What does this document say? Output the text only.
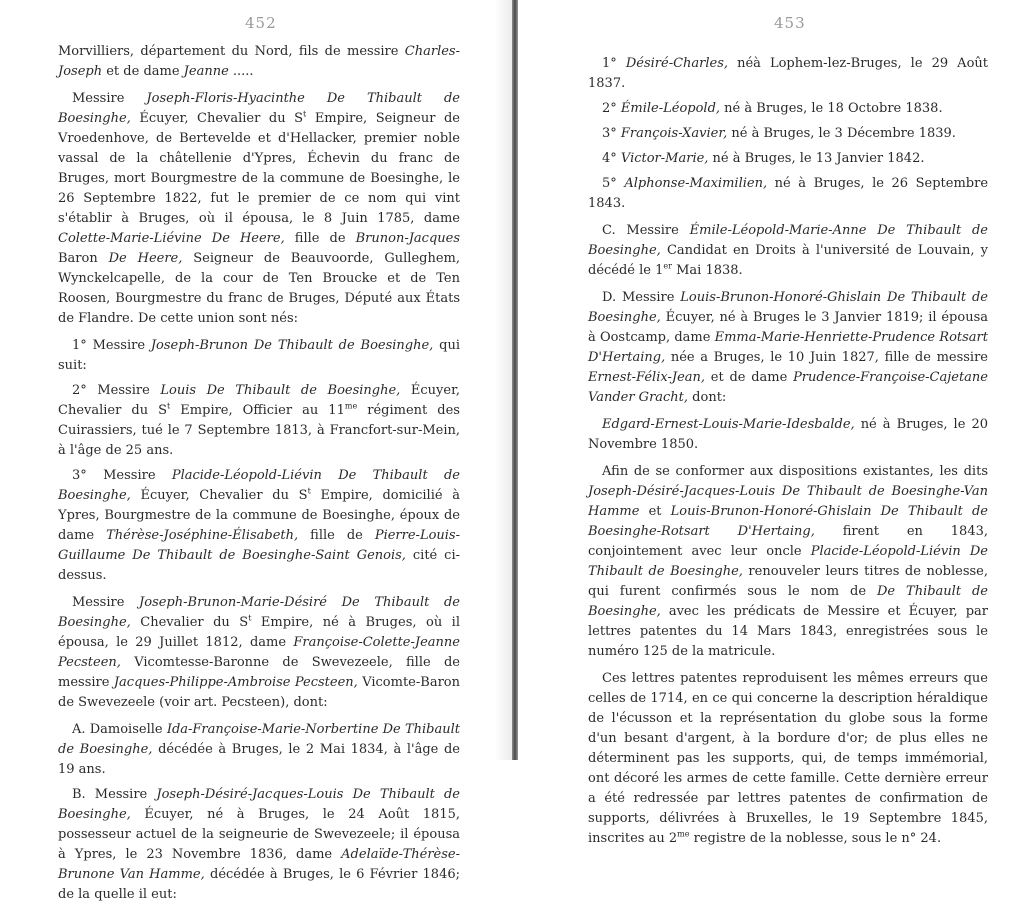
452

Morvilliers, département du Nord, fils de messire Charles-Joseph et de dame Jeanne .....

Messire Joseph-Floris-Hyacinthe De Thibault de Boesinghe, Écuyer, Chevalier du $S^t$ Empire, Seigneur de Vroedenhove, de Bertevelde et d'Hellacker, premier noble vassal de la châtellenie d'Ypres, Échevin du franc de Bruges, mort Bourgmestre de la commune de Boesinghe, le 26 Septembre 1822, fut le premier de ce nom qui vint s'établir à Bruges, où il épousa, le 8 Juin 1785, dame Colette-Marie-Liévine De Heere, fille de Brunon-Jacques Baron De Heere, Seigneur de Beauvoorde, Gulleghem, Wynckelcapelle, de la cour de Ten Broucke et de Ten Roosen, Bourgmestre du franc de Bruges, Député aux États de Flandre. De cette union sont nés:

1° Messire Joseph-Brunon De Thibault de Boesinghe, qui suit:

2° Messire Louis De Thibault de Boesinghe, Écuyer, Chevalier du $S^t$ Empire, Officier au $11^{me}$ régiment des Cuirassiers, tué le 7 Septembre 1813, à Francfort-sur-Mein, à l'âge de 25 ans.

3° Messire Placide-Léopold-Liévin De Thibault de Boesinghe, Écuyer, Chevalier du $S^t$ Empire, domicilié à Ypres, Bourgmestre de la commune de Boesinghe, époux de dame Thérèse-Joséphine-Élisabeth, fille de Pierre-Louis-Guillaume De Thibault de Boesinghe-Saint Genois, cité ci-dessus.

Messire Joseph-Brunon-Marie-Désiré De Thibault de Boesinghe, Chevalier du $S^t$ Empire, né à Bruges, où il épousa, le 29 Juillet 1812, dame Françoise-Colette-Jeanne Pecsteen, Vicomtesse-Baronne de Swevezeele, fille de messire Jacques-Philippe-Ambroise Pecsteen, Vicomte-Baron de Swevezeele (voir art. Pecsteen), dont:

A. Damoiselle Ida-Françoise-Marie-Norbertine De Thibault de Boesinghe, décédée à Bruges, le 2 Mai 1834, à l'âge de 19 ans.

B. Messire Joseph-Désiré-Jacques-Louis De Thibault de Boesinghe, Écuyer, né à Bruges, le 24 Août 1815, possesseur actuel de la seigneurie de Swevezeele; il épousa à Ypres, le 23 Novembre 1836, dame Adelaïde-Thérèse-Brunone Van Hamme, décédée à Bruges, le 6 Février 1846; de la quelle il eut:

453

1° Désiré-Charles, néà Lophem-lez-Bruges, le 29 Août 1837.

2° Émile-Léopold, né à Bruges, le 18 Octobre 1838.

3° François-Xavier, né à Bruges, le 3 Décembre 1839.

4° Victor-Marie, né à Bruges, le 13 Janvier 1842.

5° Alphonse-Maximilien, né à Bruges, le 26 Septembre 1843.

C. Messire Émile-Léopold-Marie-Anne De Thibault de Boesinghe, Candidat en Droits à l'université de Louvain, y décédé le 1er Mai 1838.

D. Messire Louis-Brunon-Honoré-Ghislain De Thibault de Boesinghe, Écuyer, né à Bruges le 3 Janvier 1819; il épousa à Oostcamp, dame Emma-Marie-Henriette-Prudence Rotsart D'Hertaing, née a Bruges, le 10 Juin 1827, fille de messire Ernest-Félix-Jean, et de dame Prudence-Françoise-Cajetane Vander Gracht, dont:

Edgard-Ernest-Louis-Marie-Idesbalde, né à Bruges, le 20 Novembre 1850.

Afin de se conformer aux dispositions existantes, les dits Joseph-Désiré-Jacques-Louis De Thibault de Boesinghe-Van Hamme et Louis-Brunon-Honoré-Ghislain De Thibault de Boesinghe-Rotsart D'Hertaing, firent en 1843, conjointement avec leur oncle Placide-Léopold-Liévin De Thibault de Boesinghe, renouveler leurs titres de noblesse, qui furent confirmés sous le nom de De Thibault de Boesinghe, avec les prédicats de Messire et Écuyer, par lettres patentes du 14 Mars 1843, enregistrées sous le numéro 125 de la matricule.

Ces lettres patentes reproduisent les mêmes erreurs que celles de 1714, en ce qui concerne la description héraldique de l'écusson et la représentation du globe sous la forme d'un besant d'argent, à la bordure d'or; de plus elles ne déterminent pas les supports, qui, de temps immémorial, ont décoré les armes de cette famille. Cette dernière erreur a été redressée par lettres patentes de confirmation de supports, délivrées à Bruxelles, le 19 Septembre 1845, inscrites au $2^{me}$ registre de la noblesse, sous le n° 24.
